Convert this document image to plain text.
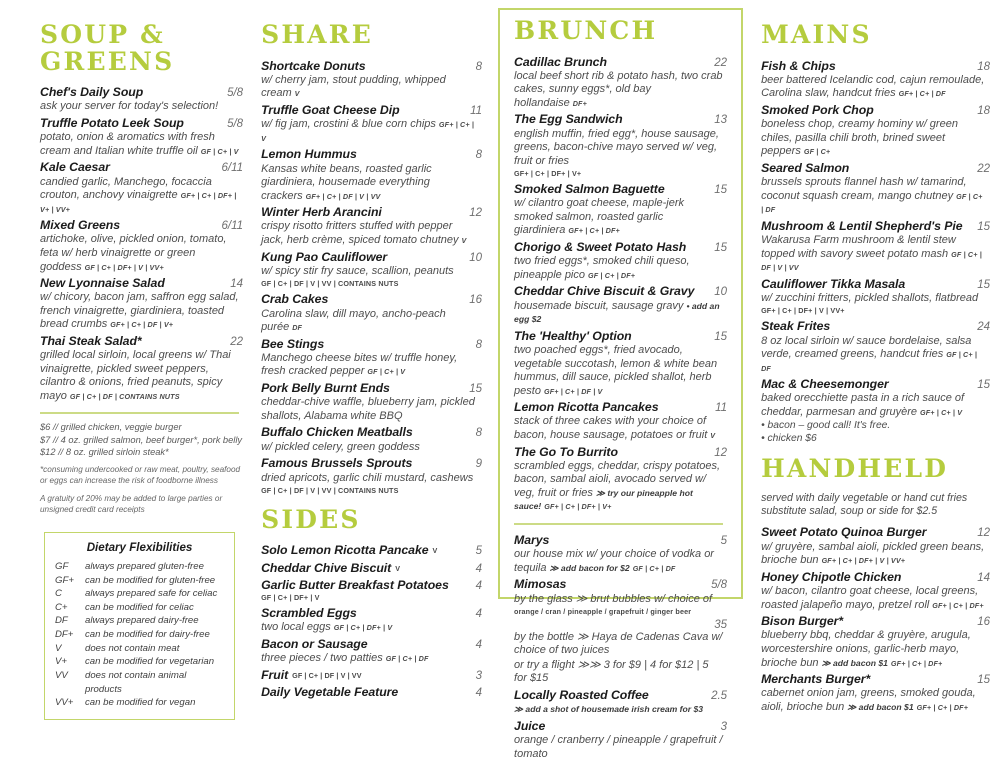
SOUP & GREENS
Chef's Daily Soup	5/8
ask your server for today's selection!
Truffle Potato Leek Soup	5/8
potato, onion & aromatics with fresh cream and Italian white truffle oil GF | C+ | V
Kale Caesar	6/11
candied garlic, Manchego, focaccia crouton, anchovy vinaigrette GF+ | C+ | DF+ | V+ | VV+
Mixed Greens	6/11
artichoke, olive, pickled onion, tomato, feta w/ herb vinaigrette or green goddess GF | C+ | DF+ | V | VV+
New Lyonnaise Salad	14
w/ chicory, bacon jam, saffron egg salad, french vinaigrette, giardiniera, toasted bread crumbs GF+ | C+ | DF | V+
Thai Steak Salad*	22
grilled local sirloin, local greens w/ Thai vinaigrette, pickled sweet peppers, cilantro & onions, fried peanuts, spicy mayo GF | C+ | DF | CONTAINS NUTS
$6 // grilled chicken, veggie burger
$7 // 4 oz. grilled salmon, beef burger*, pork belly
$12 // 8 oz. grilled sirloin steak*
*consuming undercooked or raw meat, poultry, seafood or eggs can increase the risk of foodborne illness
A gratuity of 20% may be added to large parties or unsigned credit card receipts
Dietary Flexibilities
GF	always prepared gluten-free
GF+	can be modified for gluten-free
C	always prepared safe for celiac
C+	can be modified for celiac
DF	always prepared dairy-free
DF+	can be modified for dairy-free
V	does not contain meat
V+	can be modified for vegetarian
VV	does not contain animal products
VV+	can be modified for vegan
SHARE
Shortcake Donuts	8
w/ cherry jam, stout pudding, whipped cream V
Truffle Goat Cheese Dip	11
w/ fig jam, crostini & blue corn chips GF+ | C+ | V
Lemon Hummus	8
Kansas white beans, roasted garlic giardiniera, housemade everything crackers GF+ | C+ | DF | V | VV
Winter Herb Arancini	12
crispy risotto fritters stuffed with pepper jack, herb crème, spiced tomato chutney V
Kung Pao Cauliflower	10
w/ spicy stir fry sauce, scallion, peanuts
GF | C+ | DF | V | VV | CONTAINS NUTS
Crab Cakes	16
Carolina slaw, dill mayo, ancho-peach purée DF
Bee Stings	8
Manchego cheese bites w/ truffle honey, fresh cracked pepper GF | C+ | V
Pork Belly Burnt Ends	15
cheddar-chive waffle, blueberry jam, pickled shallots, Alabama white BBQ
Buffalo Chicken Meatballs	8
w/ pickled celery, green goddess
Famous Brussels Sprouts	9
dried apricots, garlic chili mustard, cashews
GF | C+ | DF | V | VV | CONTAINS NUTS
SIDES
Solo Lemon Ricotta Pancake V	5
Cheddar Chive Biscuit V	4
Garlic Butter Breakfast Potatoes 4
GF | C+ | DF+ | V
Scrambled Eggs	4
two local eggs GF | C+ | DF+ | V
Bacon or Sausage	4
three pieces / two patties GF | C+ | DF
Fruit GF | C+ | DF | V | VV	3
Daily Vegetable Feature	4
BRUNCH
Cadillac Brunch	22
local beef short rib & potato hash, two crab cakes, sunny eggs*, old bay hollandaise DF+
The Egg Sandwich	13
english muffin, fried egg*, house sausage, greens, bacon-chive mayo served w/ veg, fruit or fries
GF+ | C+ | DF+ | V+
Smoked Salmon Baguette	15
w/ cilantro goat cheese, maple-jerk smoked salmon, roasted garlic giardiniera GF+ | C+ | DF+
Chorigo & Sweet Potato Hash 15
two fried eggs*, smoked chili queso, pineapple pico GF | C+ | DF+
Cheddar Chive Biscuit & Gravy 10
housemade biscuit, sausage gravy • add an egg $2
The 'Healthy' Option	15
two poached eggs*, fried avocado, vegetable succotash, lemon & white bean hummus, dill sauce, pickled shallot, herb pesto GF+ | C+ | DF | V
Lemon Ricotta Pancakes	11
stack of three cakes with your choice of bacon, house sausage, potatoes or fruit V
The Go To Burrito	12
scrambled eggs, cheddar, crispy potatoes, bacon, sambal aioli, avocado served w/ veg, fruit or fries ≫ try our pineapple hot sauce! GF+ | C+ | DF+ | V+
Marys	5
our house mix w/ your choice of vodka or tequila ≫ add bacon for $2 GF | C+ | DF
Mimosas	5/8
by the glass ≫ brut bubbles w/ choice of
orange / cran / pineapple / grapefruit / ginger beer
35
by the bottle ≫ Haya de Cadenas Cava w/ choice of two juices
or try a flight ≫≫ 3 for $9 | 4 for $12 | 5 for $15
Locally Roasted Coffee	2.5
≫ add a shot of housemade irish cream for $3
Juice	3
orange / cranberry / pineapple / grapefruit / tomato
MAINS
Fish & Chips	18
beer battered Icelandic cod, cajun remoulade, Carolina slaw, handcut fries GF+ | C+ | DF
Smoked Pork Chop	18
boneless chop, creamy hominy w/ green chiles, pasilla chili broth, brined sweet peppers GF | C+
Seared Salmon	22
brussels sprouts flannel hash w/ tamarind, coconut squash cream, mango chutney GF | C+ | DF
Mushroom & Lentil Shepherd's Pie 15
Wakarusa Farm mushroom & lentil stew topped with savory sweet potato mash GF | C+ | DF | V | VV
Cauliflower Tikka Masala	15
w/ zucchini fritters, pickled shallots, flatbread
GF+ | C+ | DF+ | V | VV+
Steak Frites	24
8 oz local sirloin w/ sauce bordelaise, salsa verde, creamed greens, handcut fries GF | C+ | DF
Mac & Cheesemonger	15
baked orecchiette pasta in a rich sauce of cheddar, parmesan and gruyère GF+ | C+ | V
• bacon – good call! It's free.
• chicken $6
HANDHELD
served with daily vegetable or hand cut fries substitute salad, soup or side for $2.5
Sweet Potato Quinoa Burger	12
w/ gruyère, sambal aioli, pickled green beans, brioche bun GF+ | C+ | DF+ | V | VV+
Honey Chipotle Chicken	14
w/ bacon, cilantro goat cheese, local greens, roasted jalapeño mayo, pretzel roll GF+ | C+ | DF+
Bison Burger*	16
blueberry bbq, cheddar & gruyère, arugula, worcestershire onions, garlic-herb mayo, brioche bun ≫ add bacon $1 GF+ | C+ | DF+
Merchants Burger*	15
cabernet onion jam, greens, smoked gouda, aioli, brioche bun ≫ add bacon $1 GF+ | C+ | DF+
